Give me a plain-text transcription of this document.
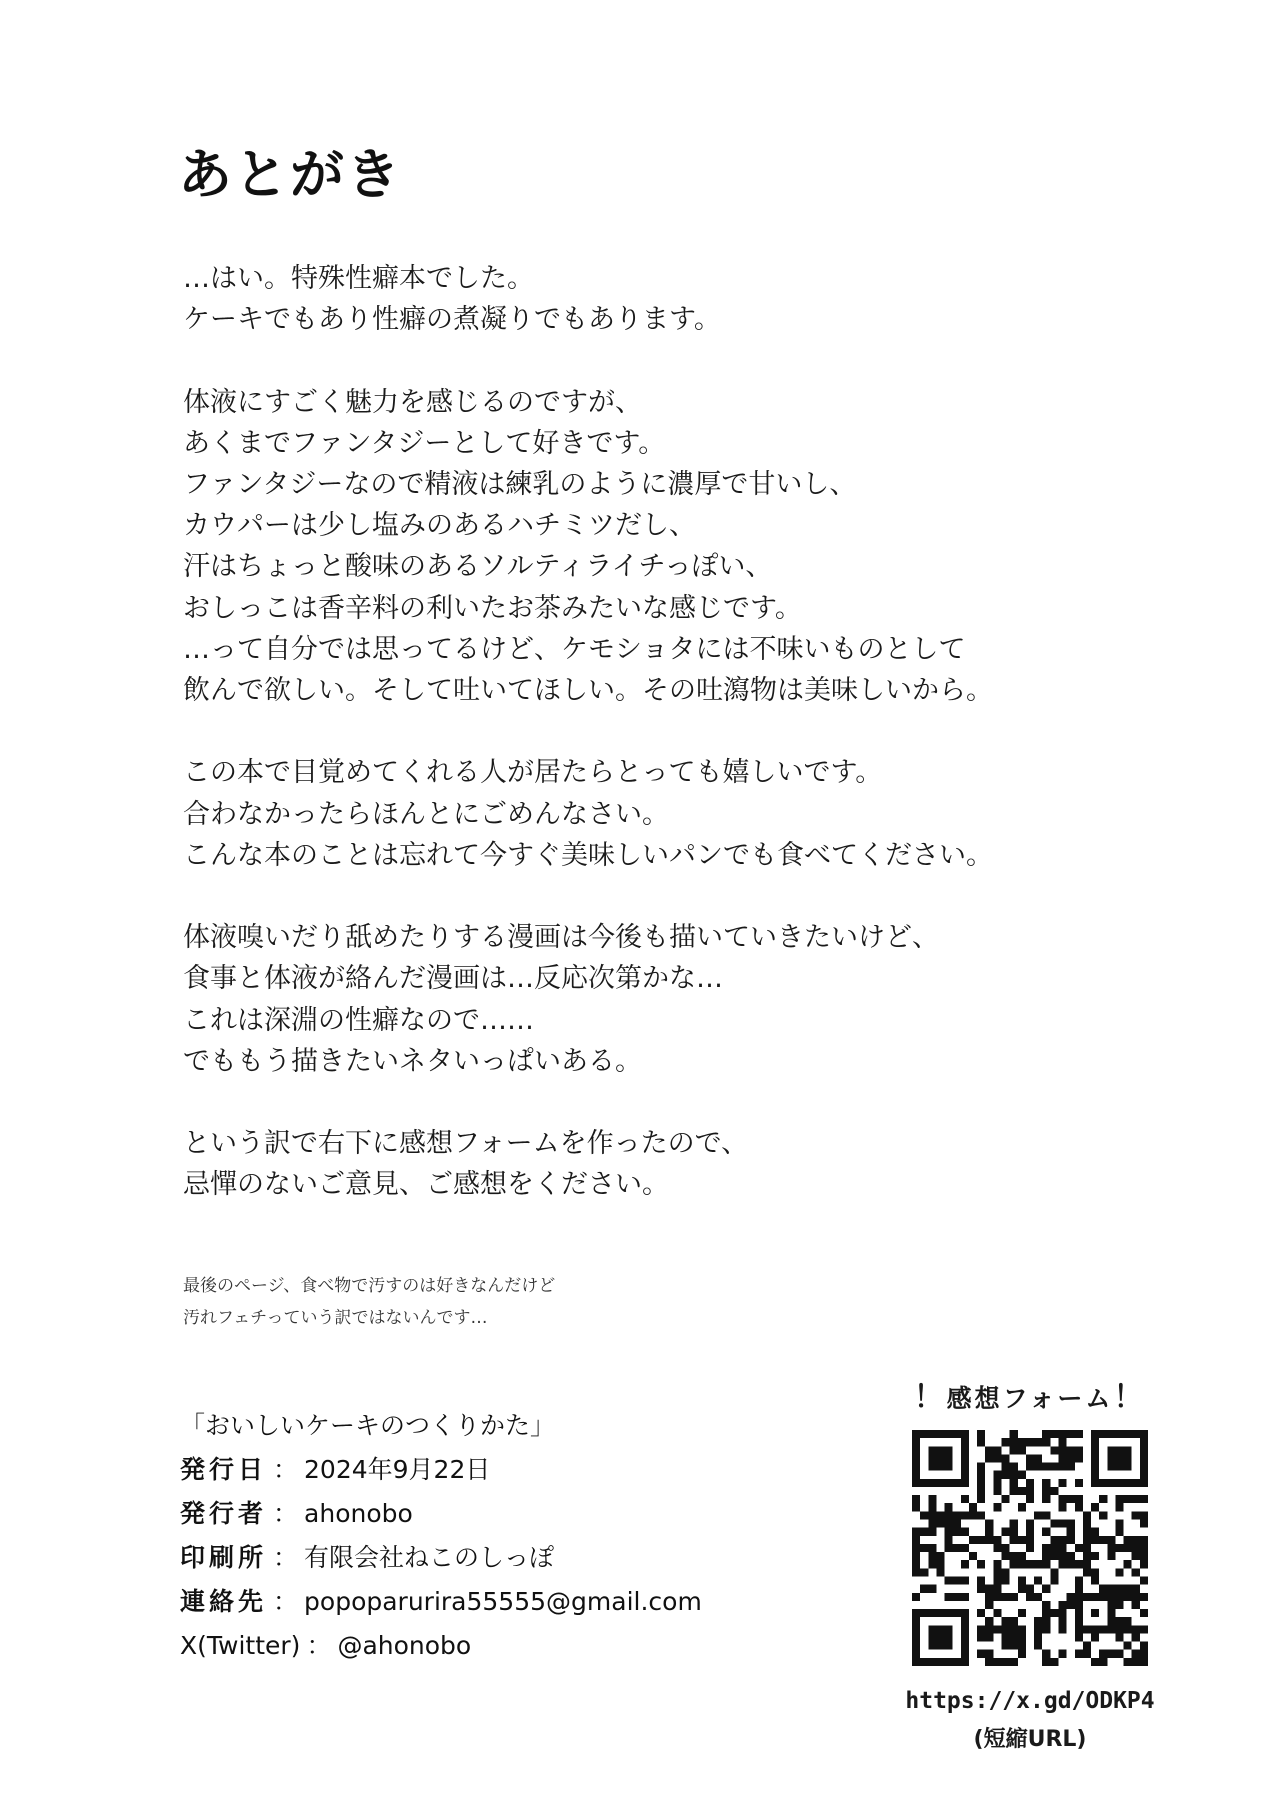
あとがき
…はい。特殊性癖本でした。
ケーキでもあり性癖の煮凝りでもあります。
体液にすごく魅力を感じるのですが、
あくまでファンタジーとして好きです。
ファンタジーなので精液は練乳のように濃厚で甘いし、
カウパーは少し塩みのあるハチミツだし、
汗はちょっと酸味のあるソルティライチっぽい、
おしっこは香辛料の利いたお茶みたいな感じです。
…って自分では思ってるけど、ケモショタには不味いものとして
飲んで欲しい。そして吐いてほしい。その吐瀉物は美味しいから。
この本で目覚めてくれる人が居たらとっても嬉しいです。
合わなかったらほんとにごめんなさい。
こんな本のことは忘れて今すぐ美味しいパンでも食べてください。
体液嗅いだり舐めたりする漫画は今後も描いていきたいけど、
食事と体液が絡んだ漫画は…反応次第かな…
これは深淵の性癖なので……
でももう描きたいネタいっぱいある。
という訳で右下に感想フォームを作ったので、
忌憚のないご意見、ご感想をください。
最後のページ、食べ物で汚すのは好きなんだけど
汚れフェチっていう訳ではないんです…
「おいしいケーキのつくりかた」
発行日 ： 2024年9月22日
発行者 ： ahonobo
印刷所 ： 有限会社ねこのしっぽ
連絡先 ： popoparurira55555@gmail.com
X(Twitter) ： @ahonobo
！感想フォーム！
https://x.gd/ODKP4
(短縮URL)
